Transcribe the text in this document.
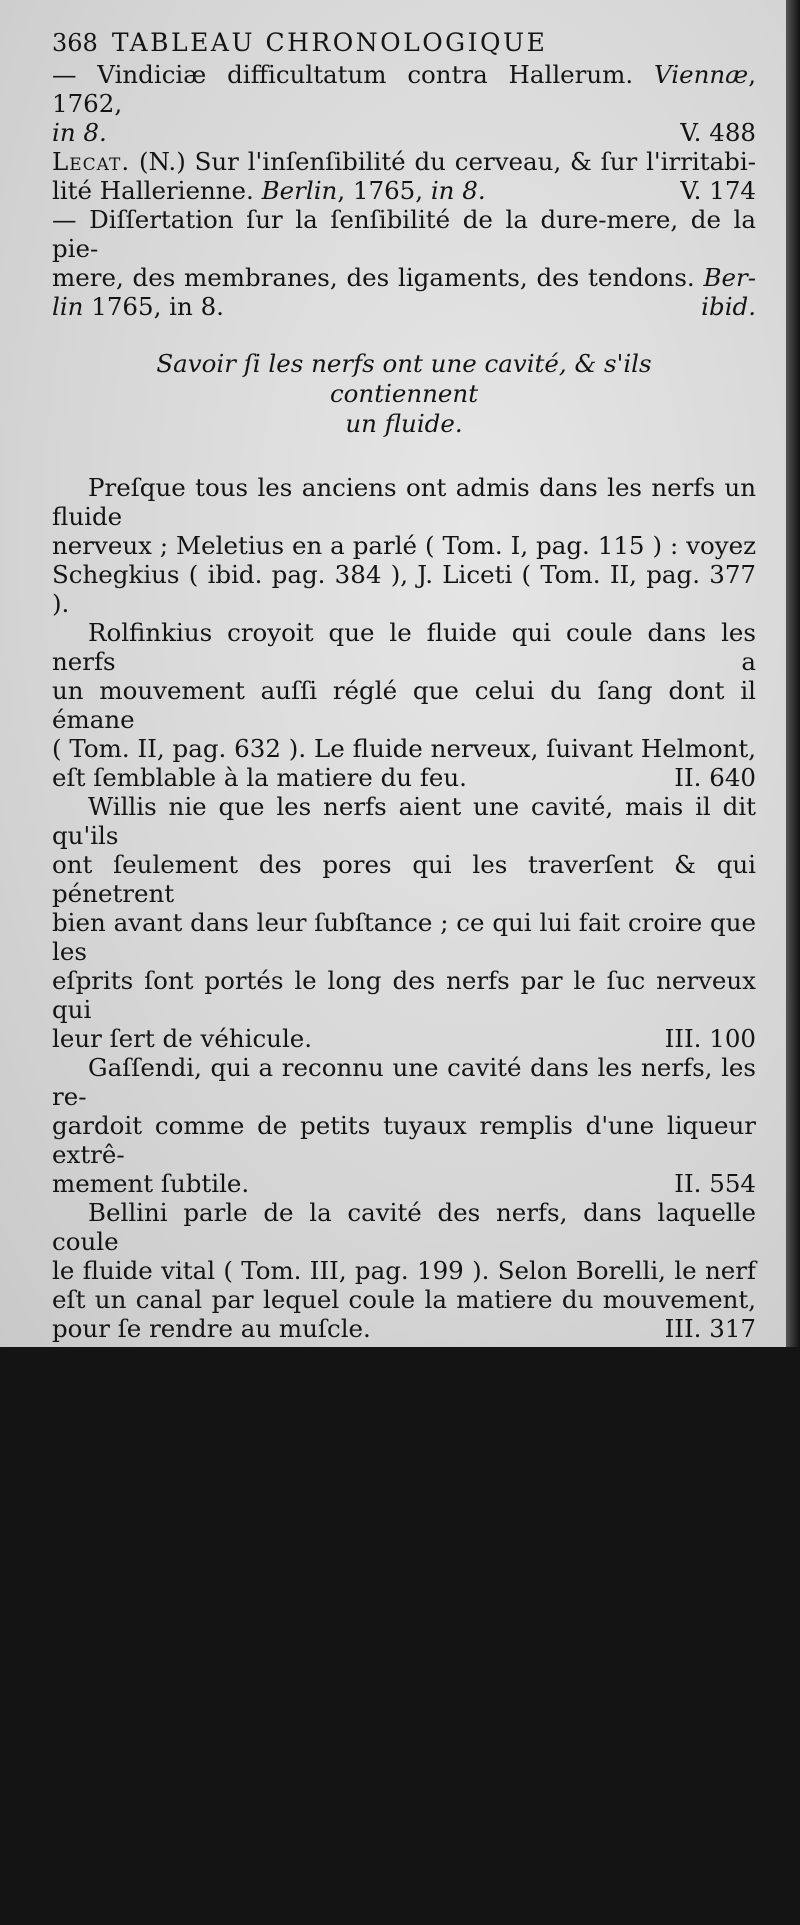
368 TABLEAU CHRONOLOGIQUE

— Vindiciæ difficultatum contra Hallerum. Viennæ, 1762,

in 8.	V. 488

Lecat. (N.) Sur l'inſenſibilité du cerveau, & ſur l'irritabi-

lité Hallerienne. Berlin, 1765, in 8.	V. 174

— Diſſertation ſur la ſenſibilité de la dure-mere, de la pie-

mere, des membranes, des ligaments, des tendons. Ber-

lin 1765, in 8.	ibid.
Savoir ſi les nerfs ont une cavité, & s'ils contiennent
un fluide.

Preſque tous les anciens ont admis dans les nerfs un fluide

nerveux ; Meletius en a parlé ( Tom. I, pag. 115 ) : voyez

Schegkius ( ibid. pag. 384 ), J. Liceti ( Tom. II, pag. 377 ).

Rolfinkius croyoit que le fluide qui coule dans les nerfs a

un mouvement auſſi réglé que celui du ſang dont il émane

( Tom. II, pag. 632 ). Le fluide nerveux, ſuivant Helmont,

eſt ſemblable à la matiere du feu.	II. 640

Willis nie que les nerfs aient une cavité, mais il dit qu'ils

ont ſeulement des pores qui les traverſent & qui pénetrent

bien avant dans leur ſubſtance ; ce qui lui fait croire que les

eſprits ſont portés le long des nerfs par le ſuc nerveux qui

leur ſert de véhicule.	III. 100

Gaſſendi, qui a reconnu une cavité dans les nerfs, les re-

gardoit comme de petits tuyaux remplis d'une liqueur extrê-

mement ſubtile.	II. 554

Bellini parle de la cavité des nerfs, dans laquelle coule

le fluide vital ( Tom. III, pag. 199 ). Selon Borelli, le nerf

eſt un canal par lequel coule la matiere du mouvement,

pour ſe rendre au muſcle.	III. 317
Voyez auſſi G. Bartholin fils.	III. 503

Rogerſius a non ſeulement admis une cavité dans les

nerfs ; mais il a prétendu avec Deſcartes que cette cavité étoit

pourvue de valvules ( T. III, p. 317 ). Hannaſch a ſoutenu

que les nerfs ſont des vaiſſeaux, non ſeulement deſtinés à pro-

duire la ſenſation, mais encore à contenir un fluide pour le

porter dans les parties.	V. 634. Suppl.

Les nerfs ſont des cordons creux dans leſquels circulent

des eſprits qui tournent en mille façons diverſes. Cordemoi.

III. 325

Molinetti dit que les nerfs reçoivent le fluide vital du cer-

veau, du cervelet, de la moëlle allongée, & de la moëlle

épiniere.	III. 395
Bettus
